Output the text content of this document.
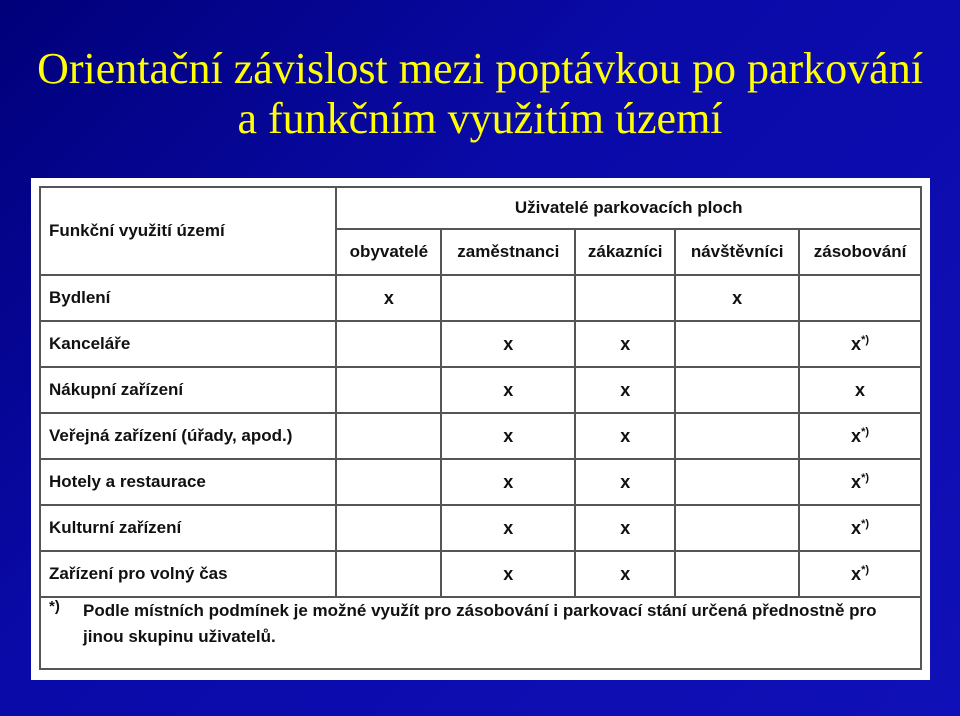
Orientační závislost mezi poptávkou po parkování
a funkčním využitím území
Funkční využití území	Uživatelé parkovacích ploch				
	obyvatelé	zaměstnanci	zákazníci	návštěvníci	zásobování
Bydlení	x			x	
Kanceláře		x	x		x*)
Nákupní zařízení		x	x		x
Veřejná zařízení (úřady, apod.)		x	x		x*)
Hotely a restaurace		x	x		x*)
Kulturní zařízení		x	x		x*)
Zařízení pro volný čas		x	x		x*)

*) Podle místních podmínek je možné využít pro zásobování i parkovací stání určená přednostně pro jinou skupinu uživatelů.					
